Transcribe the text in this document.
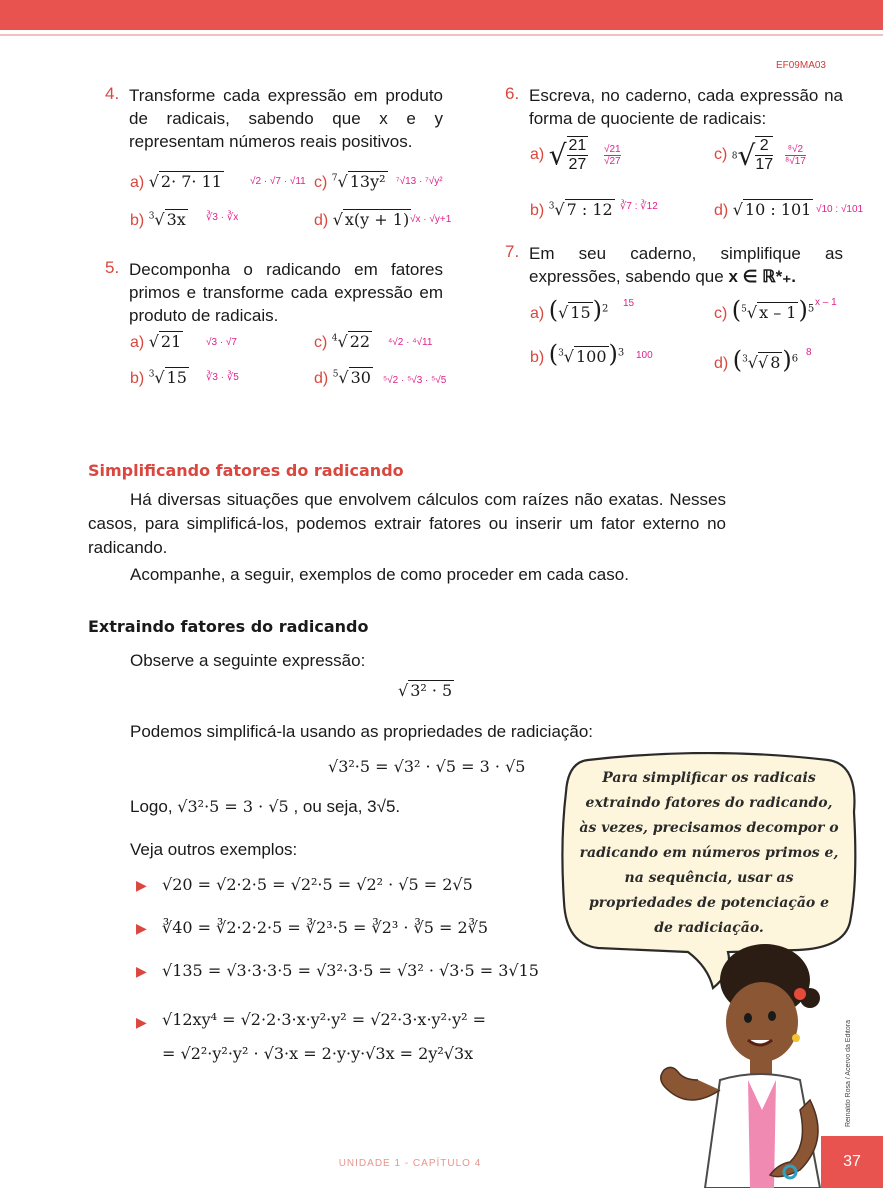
EF09MA03
4. Transforme cada expressão em produto de radicais, sabendo que x e y representam números reais positivos.
a) √ 2· 7· 11	√2 · √7 · √11
b) $^3$√ 3x ∛3 · ∛x
c) $^7$√ 13y² ⁷√13 · ⁷√y²
d) √ x(y + 1) √x · √y+1
5. Decomponha o radicando em fatores primos e transforme cada expressão em produto de radicais.
a) √ 21 √3 · √7
b) $^3$√ 15 ∛3 · ∛5
c) $^4$√ 22 ⁴√2 · ⁴√11
d) $^5$√ 30 ⁵√2 · ⁵√3 · ⁵√5
6. Escreva, no caderno, cada expressão na forma de quociente de radicais:
a) √ $\frac{21}{27} \frac{√21}{√27}$
b) $^3$√ 7 : 12 ∛7 : ∛12
c) $^8√ \frac{2}{17} \frac{\text{⁸√2}}{\text{⁸√17}}$
d) √ 10 : 101 √10 : √101
7. Em seu caderno, simplifique as expressões, sabendo que x ∈ ℝ*₊.
a) (√ 15)$^2$
15
b) ($^3$√ 100)$^3$ 100
c) ($^5$√ x – 1)$^5$
x – 1
d) ($^3$√√ 8)$^6$
8
Simplificando fatores do radicando
Há diversas situações que envolvem cálculos com raízes não exatas. Nesses casos, para simplificá-los, podemos extrair fatores ou inserir um fator externo no radicando.
Acompanhe, a seguir, exemplos de como proceder em cada caso.
Extraindo fatores do radicando
Observe a seguinte expressão:
√ 3² · 5
Podemos simplificá-la usando as propriedades de radiciação:
√3²·5 = √3² · √5 = 3 · √5
Logo, √3²·5 = 3 · √5 , ou seja, 3√5.
Veja outros exemplos:
▶ √20 = √2·2·5 = √2²·5 = √2² · √5 = 2√5
▶ ∛40 = ∛2·2·2·5 = ∛2³·5 = ∛2³ · ∛5 = 2∛5
▶ √135 = √3·3·3·5 = √3²·3·5 = √3² · √3·5 = 3√15
▶ √12xy⁴ = √2·2·3·x·y²·y² = √2²·3·x·y²·y² =
= √2²·y²·y² · √3·x = 2·y·y·√3x = 2y²√3x
Para simplificar os radicais extraindo fatores do radicando, às vezes, precisamos decompor o radicando em números primos e, na sequência, usar as propriedades de potenciação e de radiciação.
Reinaldo Rosa / Acervo da Editora
UNIDADE 1 - CAPÍTULO 4	37
